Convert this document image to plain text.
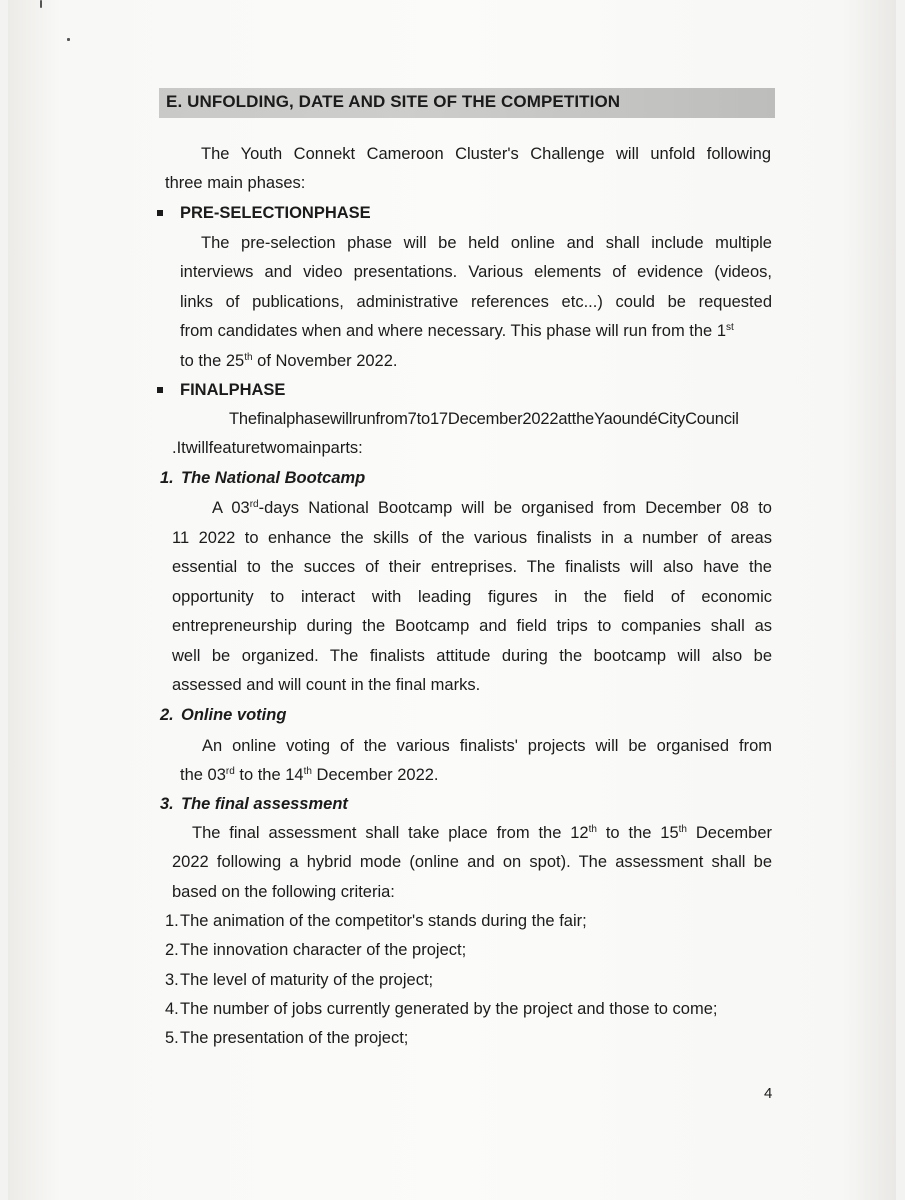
E. UNFOLDING, DATE AND SITE OF THE COMPETITION
The Youth Connekt Cameroon Cluster's Challenge will unfold following
three main phases:
PRE-SELECTIONPHASE
The pre-selection phase will be held online and shall include multiple
interviews and video presentations. Various elements of evidence (videos,
links of publications, administrative references etc...) could be requested
from candidates when and where necessary. This phase will run from the 1st
to the 25th of November 2022.
FINALPHASE
Thefinalphasewillrunfrom7to17December2022attheYaoundéCityCouncil
.Itwillfeaturetwomainparts:
1. The National Bootcamp
A 03rd-days National Bootcamp will be organised from December 08 to
11 2022 to enhance the skills of the various finalists in a number of areas
essential to the succes of their entreprises. The finalists will also have the
opportunity to interact with leading figures in the field of economic
entrepreneurship during the Bootcamp and field trips to companies shall as
well be organized. The finalists attitude during the bootcamp will also be
assessed and will count in the final marks.
2. Online voting
An online voting of the various finalists' projects will be organised from
the 03rd to the 14th December 2022.
3. The final assessment
The final assessment shall take place from the 12th to the 15th December
2022 following a hybrid mode (online and on spot). The assessment shall be
based on the following criteria:
1. The animation of the competitor's stands during the fair;
2. The innovation character of the project;
3. The level of maturity of the project;
4. The number of jobs currently generated by the project and those to come;
5. The presentation of the project;
4
